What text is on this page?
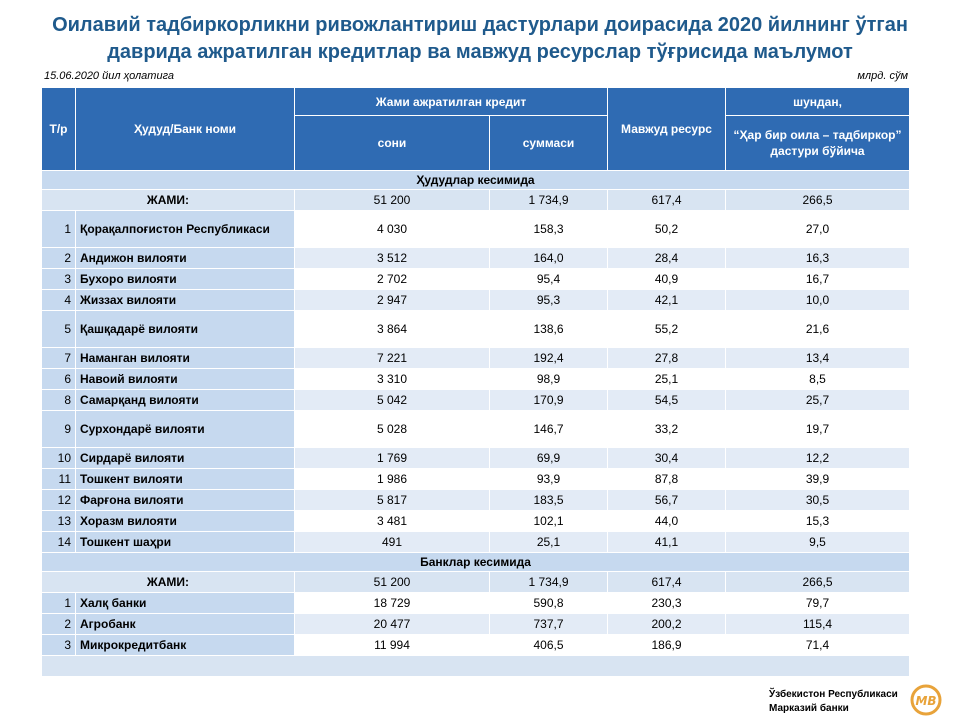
Оилавий тадбиркорликни ривожлантириш дастурлари доирасида 2020 йилнинг ўтган
даврида ажратилган кредитлар ва мавжуд ресурслар тўғрисида маълумот
15.06.2020 йил ҳолатига	млрд. сўм
Т/р	Ҳудуд/Банк номи	Жами ажратилган кредит		Мавжуд ресурс	шундан,
		сони	суммаси		“Ҳар бир оила – тадбиркор” дастури бўйича
Ҳудудлар кесимида					
ЖАМИ:		51 200	1 734,9	617,4	266,5
1	Қорақалпоғистон Республикаси	4 030	158,3	50,2	27,0
2	Андижон вилояти	3 512	164,0	28,4	16,3
3	Бухоро вилояти	2 702	95,4	40,9	16,7
4	Жиззах вилояти	2 947	95,3	42,1	10,0
5	Қашқадарё вилояти	3 864	138,6	55,2	21,6
7	Наманган вилояти	7 221	192,4	27,8	13,4
6	Навоий вилояти	3 310	98,9	25,1	8,5
8	Самарқанд вилояти	5 042	170,9	54,5	25,7
9	Сурхондарё вилояти	5 028	146,7	33,2	19,7
10	Сирдарё вилояти	1 769	69,9	30,4	12,2
11	Тошкент вилояти	1 986	93,9	87,8	39,9
12	Фарғона вилояти	5 817	183,5	56,7	30,5
13	Хоразм вилояти	3 481	102,1	44,0	15,3
14	Тошкент шаҳри	491	25,1	41,1	9,5
Банклар кесимида					
ЖАМИ:		51 200	1 734,9	617,4	266,5
1	Халқ банки	18 729	590,8	230,3	79,7
2	Агробанк	20 477	737,7	200,2	115,4
3	Микрокредитбанк	11 994	406,5	186,9	71,4

Ўзбекистон Республикаси
Марказий банки
MB
